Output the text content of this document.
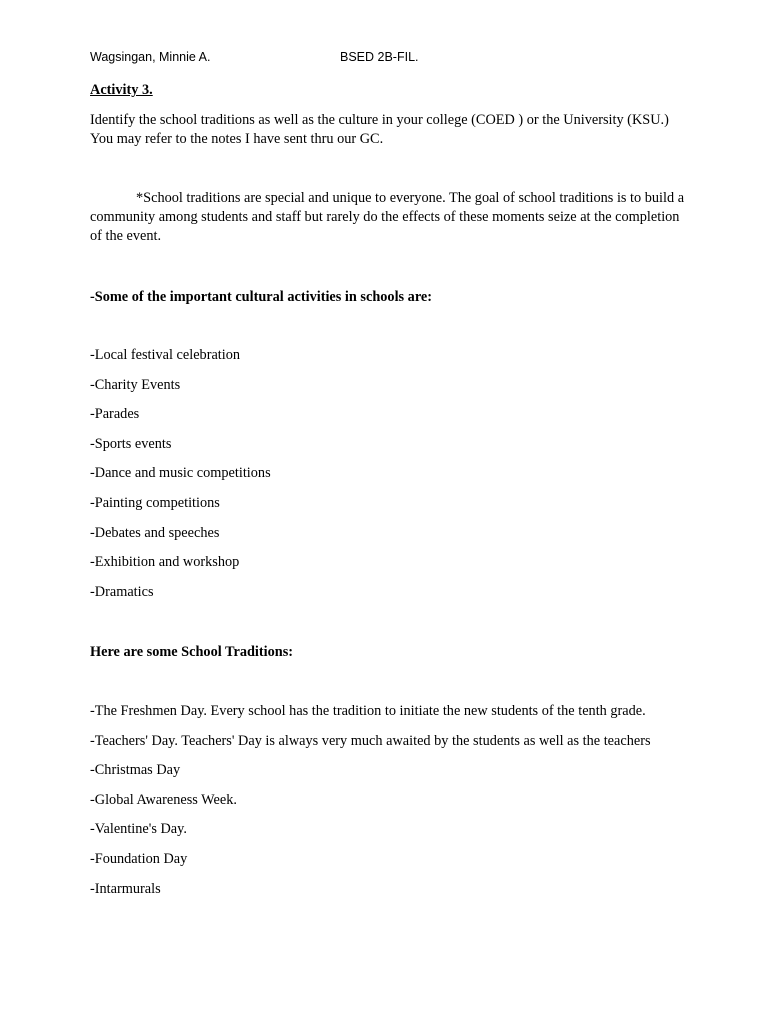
Wagsingan, Minnie A.	BSED 2B-FIL.
Activity 3.
Identify the school traditions as well as the culture in your college (COED ) or the University (KSU.)
You may refer to the notes I have sent thru our GC.
*School traditions are special and unique to everyone. The goal of school traditions is to build a
community among students and staff but rarely do the effects of these moments seize at the completion
of the event.
-Some of the important cultural activities in schools are:
-Local festival celebration
-Charity Events
-Parades
-Sports events
-Dance and music competitions
-Painting competitions
-Debates and speeches
-Exhibition and workshop
-Dramatics
Here are some School Traditions:
-The Freshmen Day. Every school has the tradition to initiate the new students of the tenth grade.
-Teachers' Day. Teachers' Day is always very much awaited by the students as well as the teachers
-Christmas Day
-Global Awareness Week.
-Valentine's Day.
-Foundation Day
-Intarmurals
